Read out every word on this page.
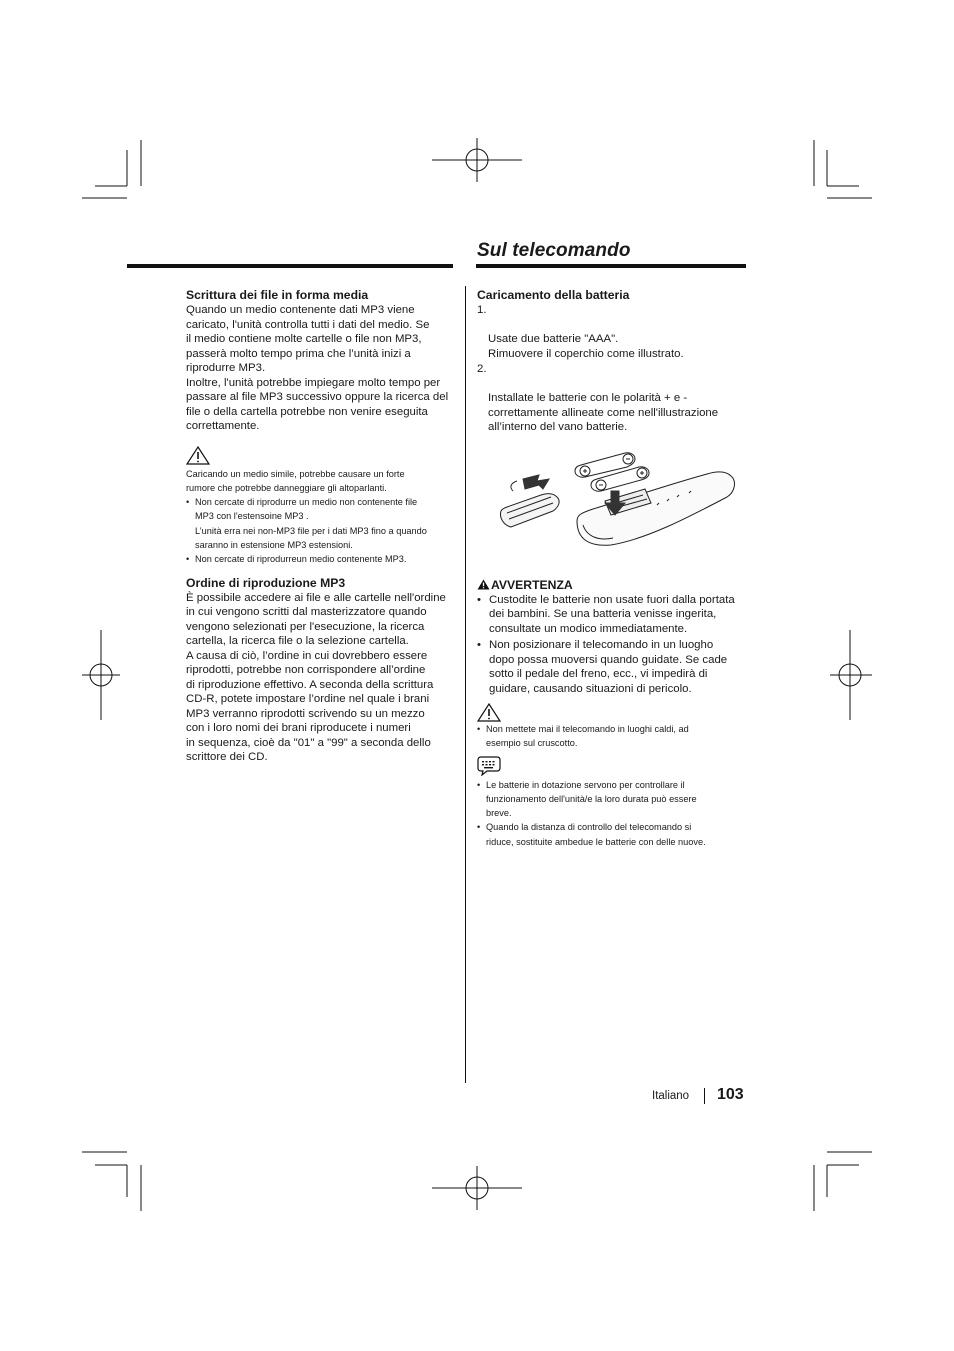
Sul telecomando
Scrittura dei file in forma media

Quando un medio contenente dati MP3 viene
caricato, l'unità controlla tutti i dati del medio. Se
il medio contiene molte cartelle o file non MP3,
passerà molto tempo prima che l’unità inizi a
riprodurre MP3.
Inoltre, l'unità potrebbe impiegare molto tempo per
passare al file MP3 successivo oppure la ricerca del
file o della cartella potrebbe non venire eseguita
correttamente.

Caricando un medio simile, potrebbe causare un forte
rumore che potrebbe danneggiare gli altoparlanti.

• Non cercate di riprodurre un medio non contenente file
MP3 con l'estensoine MP3 .
L’unità erra nei non-MP3 file per i dati MP3 fino a quando
saranno in estensione MP3 estensioni.
• Non cercate di riprodurreun medio contenente MP3.
Ordine di riproduzione MP3

È possibile accedere ai file e alle cartelle nell'ordine
in cui vengono scritti dal masterizzatore quando
vengono selezionati per l'esecuzione, la ricerca
cartella, la ricerca file o la selezione cartella.
A causa di ciò, l’ordine in cui dovrebbero essere
riprodotti, potrebbe non corrispondere all’ordine
di riproduzione effettivo. A seconda della scrittura
CD-R, potete impostare l’ordine nel quale i brani
MP3 verranno riprodotti scrivendo su un mezzo
con i loro nomi dei brani riproducete i numeri
in sequenza, cioè da "01" a "99" a seconda dello
scrittore dei CD.

Caricamento della batteria

1.

Usate due batterie "AAA".
Rimuovere il coperchio come illustrato.

2.

Installate le batterie con le polarità + e -
correttamente allineate come nell'illustrazione
all’interno del vano batterie.

AVVERTENZA
• Custodite le batterie non usate fuori dalla portata
dei bambini. Se una batteria venisse ingerita,
consultate un modico immediatamente.
• Non posizionare il telecomando in un luogho
dopo possa muoversi quando guidate. Se cade
sotto il pedale del freno, ecc., vi impedirà di
guidare, causando situazioni di pericolo.
• Non mettete mai il telecomando in luoghi caldi, ad
esempio sul cruscotto.
• Le batterie in dotazione servono per controllare il
funzionamento dell'unità/e la loro durata può essere
breve.
• Quando la distanza di controllo del telecomando si
riduce, sostituite ambedue le batterie con delle nuove.
Italiano 103
